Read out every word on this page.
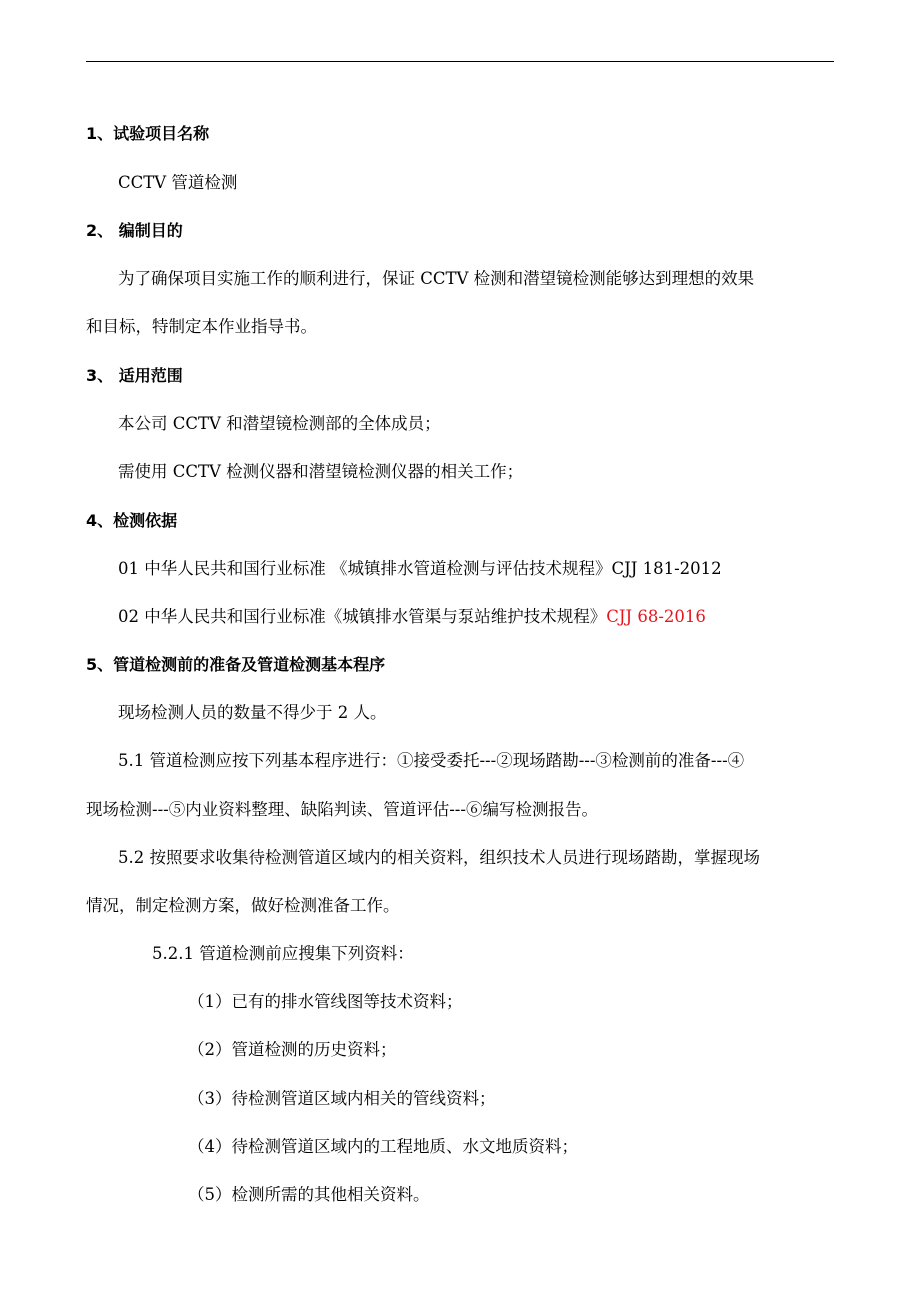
1、试验项目名称
CCTV 管道检测
2、 编制目的
为了确保项目实施工作的顺利进行，保证 CCTV 检测和潜望镜检测能够达到理想的效果
和目标，特制定本作业指导书。
3、 适用范围
本公司 CCTV 和潜望镜检测部的全体成员；
需使用 CCTV 检测仪器和潜望镜检测仪器的相关工作；
4、检测依据
01 中华人民共和国行业标准 《城镇排水管道检测与评估技术规程》CJJ 181-2012
02 中华人民共和国行业标准《城镇排水管渠与泵站维护技术规程》CJJ 68-2016
5、管道检测前的准备及管道检测基本程序
现场检测人员的数量不得少于 2 人。
5.1 管道检测应按下列基本程序进行：①接受委托---②现场踏勘---③检测前的准备---④
现场检测---⑤内业资料整理、缺陷判读、管道评估---⑥编写检测报告。
5.2 按照要求收集待检测管道区域内的相关资料，组织技术人员进行现场踏勘，掌握现场
情况，制定检测方案，做好检测准备工作。
5.2.1 管道检测前应搜集下列资料：
（1）已有的排水管线图等技术资料；
（2）管道检测的历史资料；
（3）待检测管道区域内相关的管线资料；
（4）待检测管道区域内的工程地质、水文地质资料；
（5）检测所需的其他相关资料。
